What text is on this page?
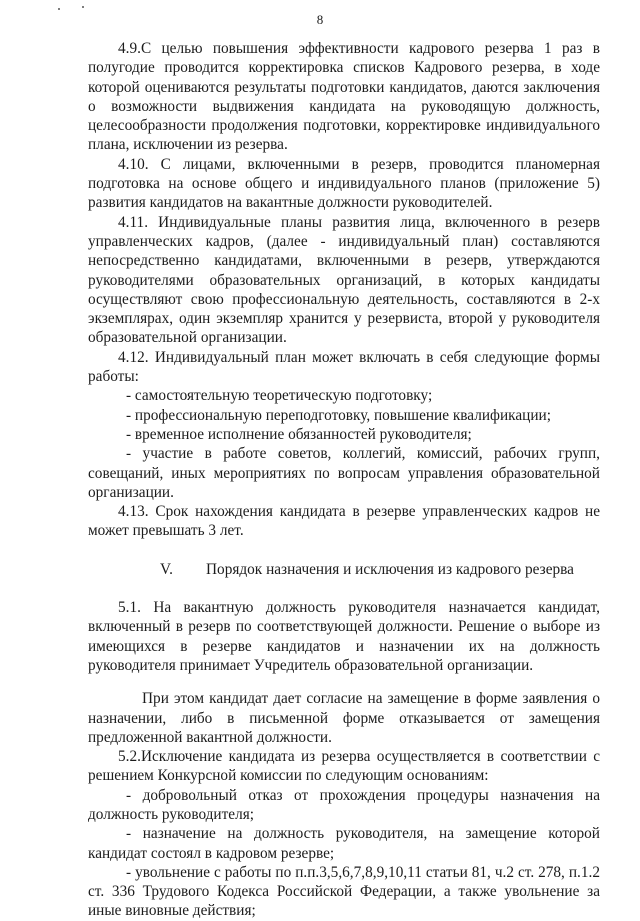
8

4.9.С целью повышения эффективности кадрового резерва 1 раз в полугодие проводится корректировка списков Кадрового резерва, в ходе которой оцениваются результаты подготовки кандидатов, даются заключения о возможности выдвижения кандидата на руководящую должность, целесообразности продолжения подготовки, корректировке индивидуального плана, исключении из резерва.

4.10. С лицами, включенными в резерв, проводится планомерная подготовка на основе общего и индивидуального планов (приложение 5) развития кандидатов на вакантные должности руководителей.

4.11. Индивидуальные планы развития лица, включенного в резерв управленческих кадров, (далее - индивидуальный план) составляются непосредственно кандидатами, включенными в резерв, утверждаются руководителями образовательных организаций, в которых кандидаты осуществляют свою профессиональную деятельность, составляются в 2-х экземплярах, один экземпляр хранится у резервиста, второй у руководителя образовательной организации.

4.12. Индивидуальный план может включать в себя следующие формы работы:

- самостоятельную теоретическую подготовку;

- профессиональную переподготовку, повышение квалификации;

- временное исполнение обязанностей руководителя;

- участие в работе советов, коллегий, комиссий, рабочих групп, совещаний, иных мероприятиях по вопросам управления образовательной организации.

4.13. Срок нахождения кандидата в резерве управленческих кадров не может превышать 3 лет.

V. Порядок назначения и исключения из кадрового резерва

5.1. На вакантную должность руководителя назначается кандидат, включенный в резерв по соответствующей должности. Решение о выборе из имеющихся в резерве кандидатов и назначении их на должность руководителя принимает Учредитель образовательной организации.

При этом кандидат дает согласие на замещение в форме заявления о назначении, либо в письменной форме отказывается от замещения предложенной вакантной должности.

5.2.Исключение кандидата из резерва осуществляется в соответствии с решением Конкурсной комиссии по следующим основаниям:

- добровольный отказ от прохождения процедуры назначения на должность руководителя;

- назначение на должность руководителя, на замещение которой кандидат состоял в кадровом резерве;

- увольнение с работы по п.п.3,5,6,7,8,9,10,11 статьи 81, ч.2 ст. 278, п.1.2 ст. 336 Трудового Кодекса Российской Федерации, а также увольнение за иные виновные действия;
